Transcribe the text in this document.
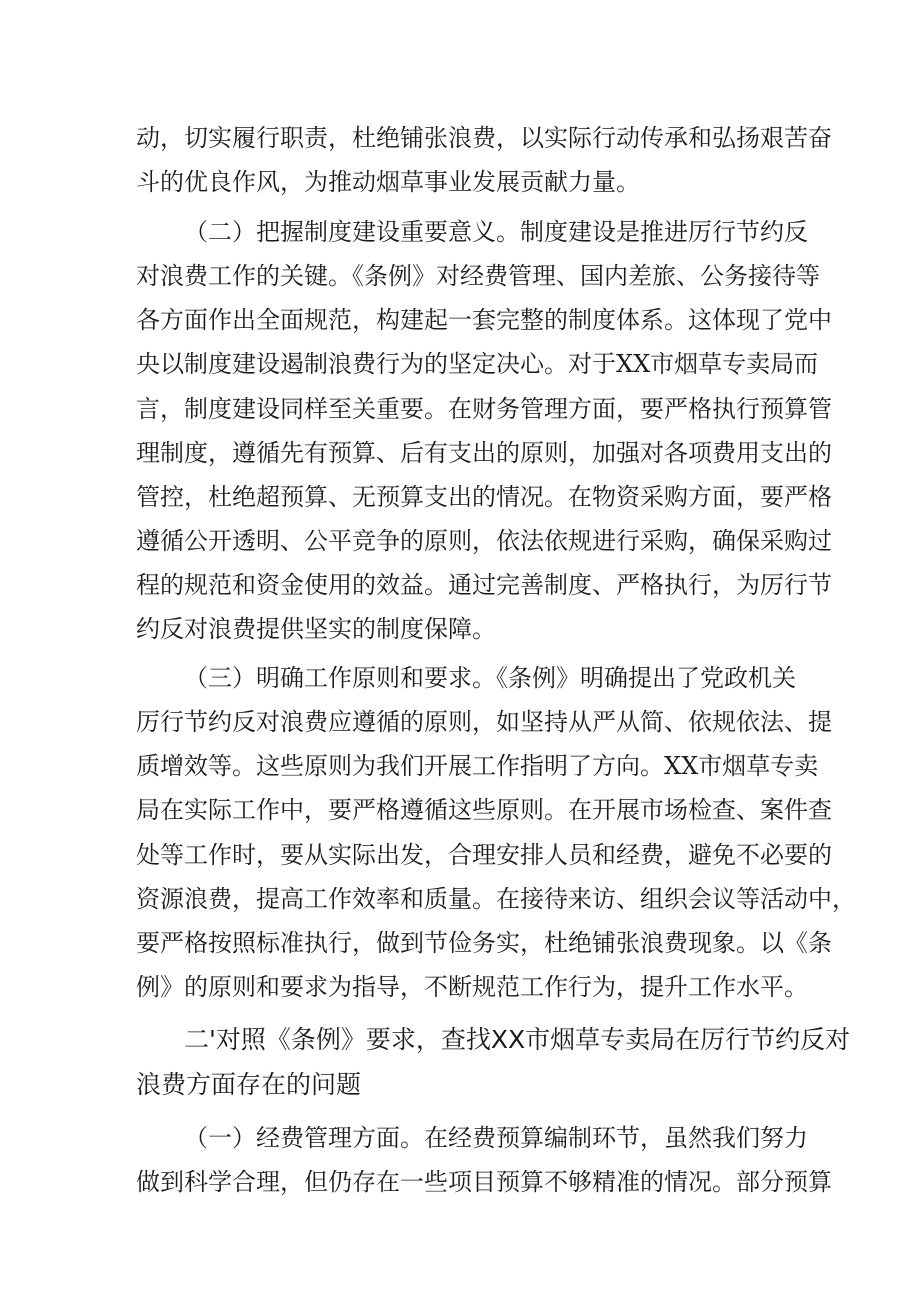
动，切实履行职责，杜绝铺张浪费，以实际行动传承和弘扬艰苦奋
斗的优良作风，为推动烟草事业发展贡献力量。
（二）把握制度建设重要意义。制度建设是推进厉行节约反
对浪费工作的关键。《条例》对经费管理、国内差旅、公务接待等
各方面作出全面规范，构建起一套完整的制度体系。这体现了党中
央以制度建设遏制浪费行为的坚定决心。对于XX市烟草专卖局而
言，制度建设同样至关重要。在财务管理方面，要严格执行预算管
理制度，遵循先有预算、后有支出的原则，加强对各项费用支出的
管控，杜绝超预算、无预算支出的情况。在物资采购方面，要严格
遵循公开透明、公平竞争的原则，依法依规进行采购，确保采购过
程的规范和资金使用的效益。通过完善制度、严格执行，为厉行节
约反对浪费提供坚实的制度保障。
（三）明确工作原则和要求。《条例》明确提出了党政机关
厉行节约反对浪费应遵循的原则，如坚持从严从简、依规依法、提
质增效等。这些原则为我们开展工作指明了方向。XX市烟草专卖
局在实际工作中，要严格遵循这些原则。在开展市场检查、案件查
处等工作时，要从实际出发，合理安排人员和经费，避免不必要的
资源浪费，提高工作效率和质量。在接待来访、组织会议等活动中，
要严格按照标准执行，做到节俭务实，杜绝铺张浪费现象。以《条
例》的原则和要求为指导，不断规范工作行为，提升工作水平。
二'对照《条例》要求，查找XX市烟草专卖局在厉行节约反对
浪费方面存在的问题
（一）经费管理方面。在经费预算编制环节，虽然我们努力
做到科学合理，但仍存在一些项目预算不够精准的情况。部分预算
